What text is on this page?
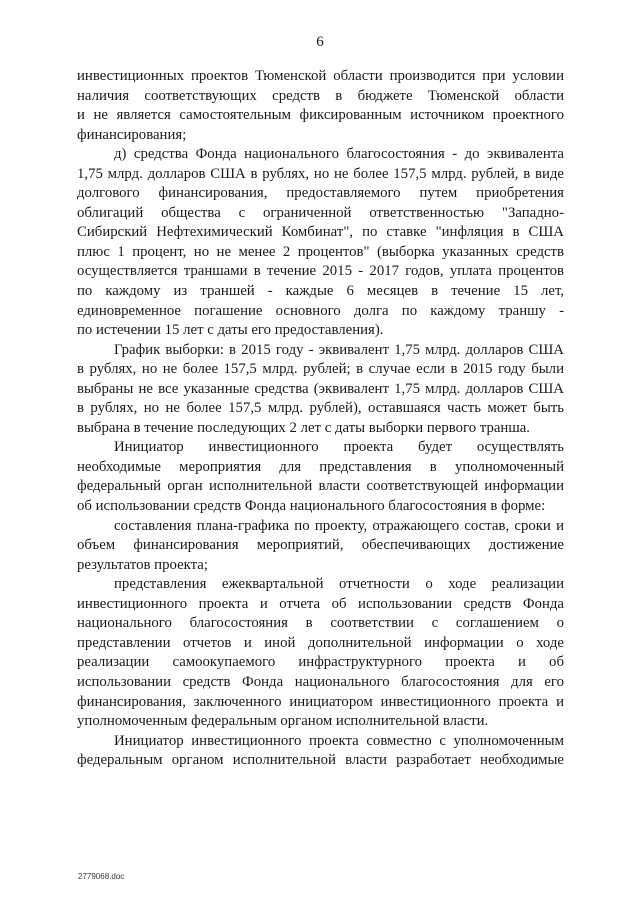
6
инвестиционных проектов Тюменской области производится при условии
наличия соответствующих средств в бюджете Тюменской области
и не является самостоятельным фиксированным источником проектного
финансирования;
д) средства Фонда национального благосостояния - до эквивалента
1,75 млрд. долларов США в рублях, но не более 157,5 млрд. рублей, в виде
долгового финансирования, предоставляемого путем приобретения
облигаций общества с ограниченной ответственностью "Западно-
Сибирский Нефтехимический Комбинат", по ставке "инфляция в США
плюс 1 процент, но не менее 2 процентов" (выборка указанных средств
осуществляется траншами в течение 2015 - 2017 годов, уплата процентов
по каждому из траншей - каждые 6 месяцев в течение 15 лет,
единовременное погашение основного долга по каждому траншу -
по истечении 15 лет с даты его предоставления).
График выборки: в 2015 году - эквивалент 1,75 млрд. долларов США
в рублях, но не более 157,5 млрд. рублей; в случае если в 2015 году были
выбраны не все указанные средства (эквивалент 1,75 млрд. долларов США
в рублях, но не более 157,5 млрд. рублей), оставшаяся часть может быть
выбрана в течение последующих 2 лет с даты выборки первого транша.
Инициатор инвестиционного проекта будет осуществлять
необходимые мероприятия для представления в уполномоченный
федеральный орган исполнительной власти соответствующей информации
об использовании средств Фонда национального благосостояния в форме:
составления плана-графика по проекту, отражающего состав, сроки и
объем финансирования мероприятий, обеспечивающих достижение
результатов проекта;
представления ежеквартальной отчетности о ходе реализации
инвестиционного проекта и отчета об использовании средств Фонда
национального благосостояния в соответствии с соглашением о
представлении отчетов и иной дополнительной информации о ходе
реализации самоокупаемого инфраструктурного проекта и об
использовании средств Фонда национального благосостояния для его
финансирования, заключенного инициатором инвестиционного проекта и
уполномоченным федеральным органом исполнительной власти.
Инициатор инвестиционного проекта совместно с уполномоченным
федеральным органом исполнительной власти разработает необходимые
2779068.doc
